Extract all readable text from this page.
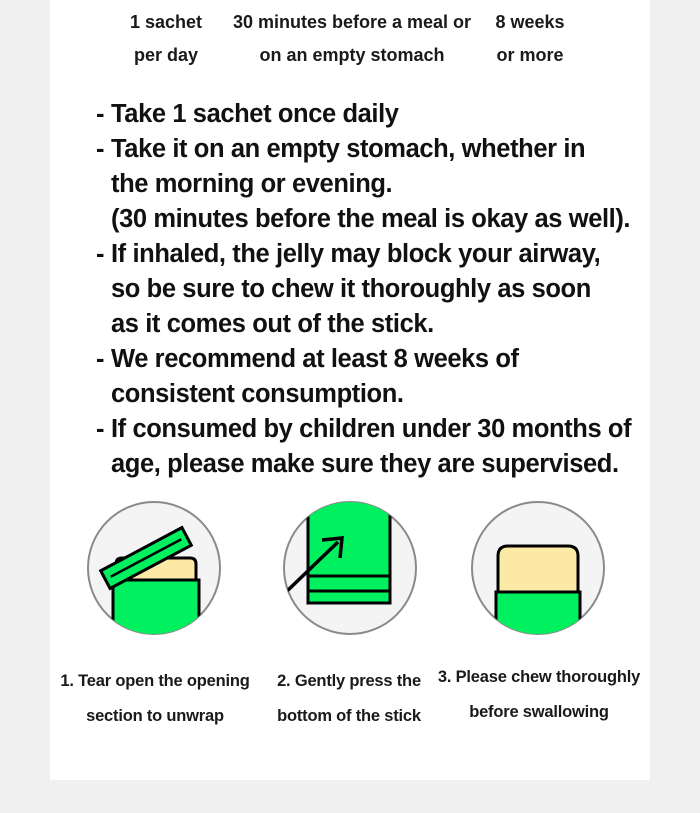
1 sachet
per day
30 minutes before a meal or
on an empty stomach
8 weeks
or more
- Take 1 sachet once daily
- Take it on an empty stomach, whether in
the morning or evening.
(30 minutes before the meal is okay as well).
- If inhaled, the jelly may block your airway,
so be sure to chew it thoroughly as soon
as it comes out of the stick.
- We recommend at least 8 weeks of
consistent consumption.
- If consumed by children under 30 months of
age, please make sure they are supervised.
1. Tear open the opening
section to unwrap
2. Gently press the
bottom of the stick
3. Please chew thoroughly
before swallowing
